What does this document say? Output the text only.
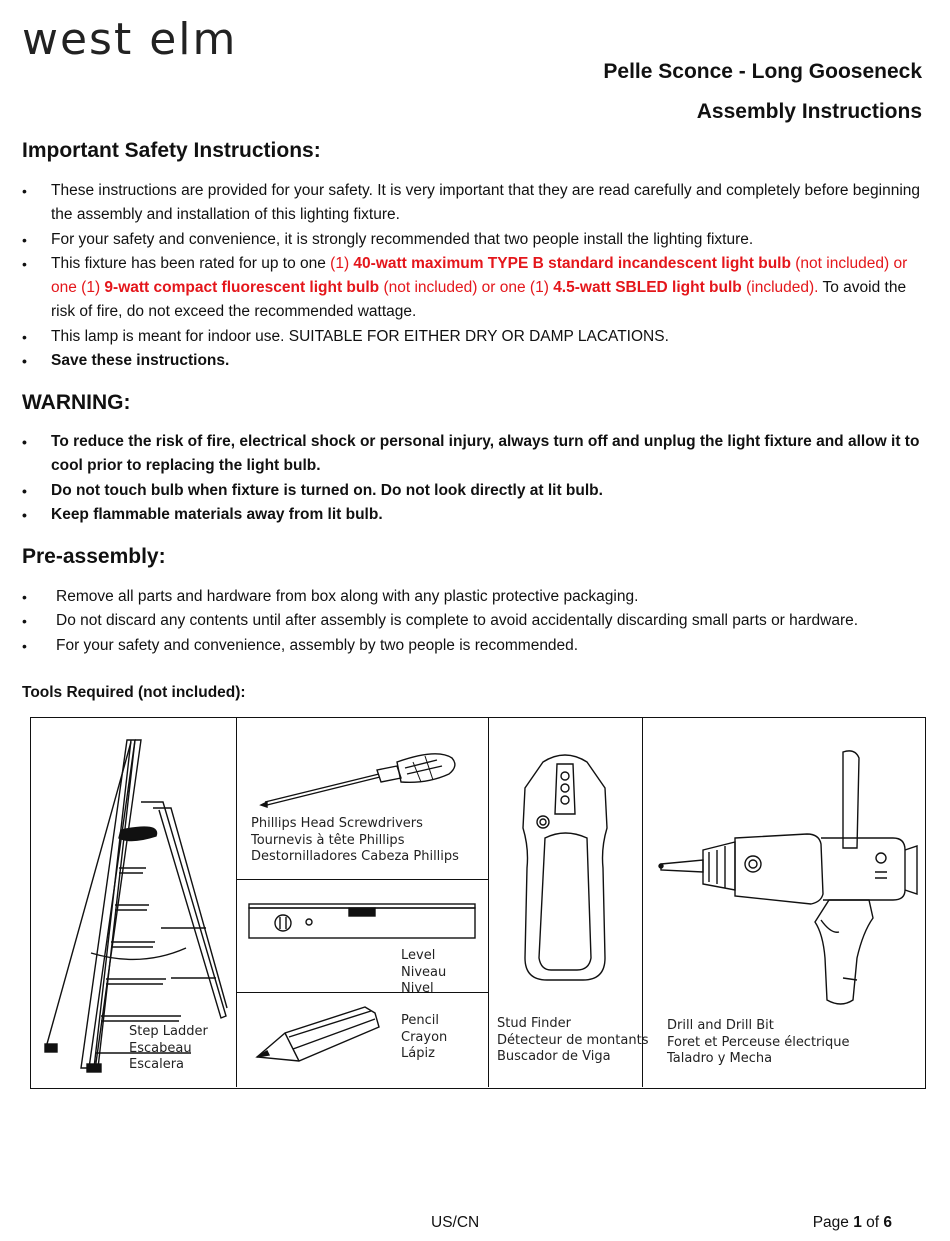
west elm
Pelle Sconce - Long Gooseneck
Assembly Instructions
Important Safety Instructions:
• These instructions are provided for your safety. It is very important that they are read carefully and completely before beginning the assembly and installation of this lighting fixture.
• For your safety and convenience, it is strongly recommended that two people install the lighting fixture.
• This fixture has been rated for up to one (1) 40-watt maximum TYPE B standard incandescent light bulb (not included) or one (1) 9-watt compact fluorescent light bulb (not included) or one (1) 4.5-watt SBLED light bulb (included). To avoid the risk of fire, do not exceed the recommended wattage.
• This lamp is meant for indoor use. SUITABLE FOR EITHER DRY OR DAMP LACATIONS.
• Save these instructions.
WARNING:
• To reduce the risk of fire, electrical shock or personal injury, always turn off and unplug the light fixture and allow it to cool prior to replacing the light bulb.
• Do not touch bulb when fixture is turned on. Do not look directly at lit bulb.
• Keep flammable materials away from lit bulb.
Pre-assembly:
• Remove all parts and hardware from box along with any plastic protective packaging.
• Do not discard any contents until after assembly is complete to avoid accidentally discarding small parts or hardware.
• For your safety and convenience, assembly by two people is recommended.
Tools Required (not included):
Step Ladder
Escabeau
Escalera
Phillips Head Screwdrivers
Tournevis à tête Phillips
Destornilladores Cabeza Phillips
Level
Niveau
Nivel
Pencil
Crayon
Lápiz
Stud Finder
Détecteur de montants
Buscador de Viga
Drill and Drill Bit
Foret et Perceuse électrique
Taladro y Mecha
US/CN	Page 1 of 6
